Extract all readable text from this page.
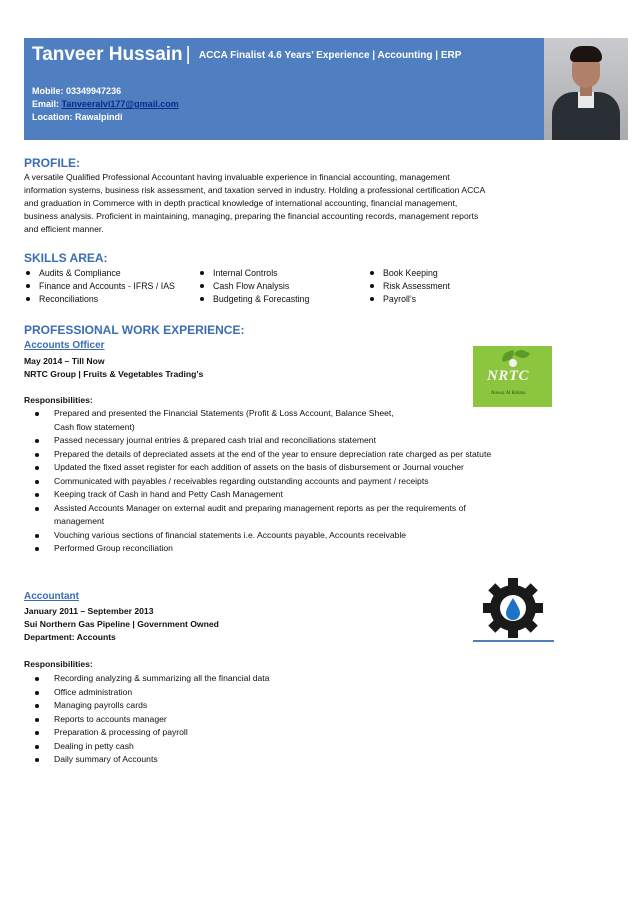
Tanveer Hussain | ACCA Finalist 4.6 Years’ Experience | Accounting | ERP
Mobile: 03349947236
Email: Tanveeralvi177@gmail.com
Location: Rawalpindi
PROFILE:
A versatile Qualified Professional Accountant having invaluable experience in financial accounting, management
information systems, business risk assessment, and taxation served in industry. Holding a professional certification ACCA
and graduation in Commerce with in depth practical knowledge of international accounting, financial management,
business analysis. Proficient in maintaining, managing, preparing the financial accounting records, management reports
and efficient manner.
SKILLS AREA:
Audits & Compliance	Internal Controls	Book Keeping
Finance and Accounts - IFRS / IAS	Cash Flow Analysis	Risk Assessment
Reconciliations	Budgeting & Forecasting	Payroll’s
PROFESSIONAL WORK EXPERIENCE:
Accounts Officer
May 2014 – Till Now
NRTC Group | Fruits & Vegetables Trading’s
Responsibilities:
NRTC
Nawaz Al Rahma
Prepared and presented the Financial Statements (Profit & Loss Account, Balance Sheet,
Cash flow statement)
Passed necessary journal entries & prepared cash trial and reconciliations statement
Prepared the details of depreciated assets at the end of the year to ensure depreciation rate charged as per statute
Updated the fixed asset register for each addition of assets on the basis of disbursement or Journal voucher
Communicated with payables / receivables regarding outstanding accounts and payment / receipts
Keeping track of Cash in hand and Petty Cash Management
Assisted Accounts Manager on external audit and preparing management reports as per the requirements of
management
Vouching various sections of financial statements i.e. Accounts payable, Accounts receivable
Performed Group reconciliation
Accountant
January 2011 – September 2013
Sui Northern Gas Pipeline | Government Owned
Department: Accounts
Responsibilities:
Recording analyzing & summarizing all the financial data
Office administration
Managing payrolls cards
Reports to accounts manager
Preparation & processing of payroll
Dealing in petty cash
Daily summary of Accounts
